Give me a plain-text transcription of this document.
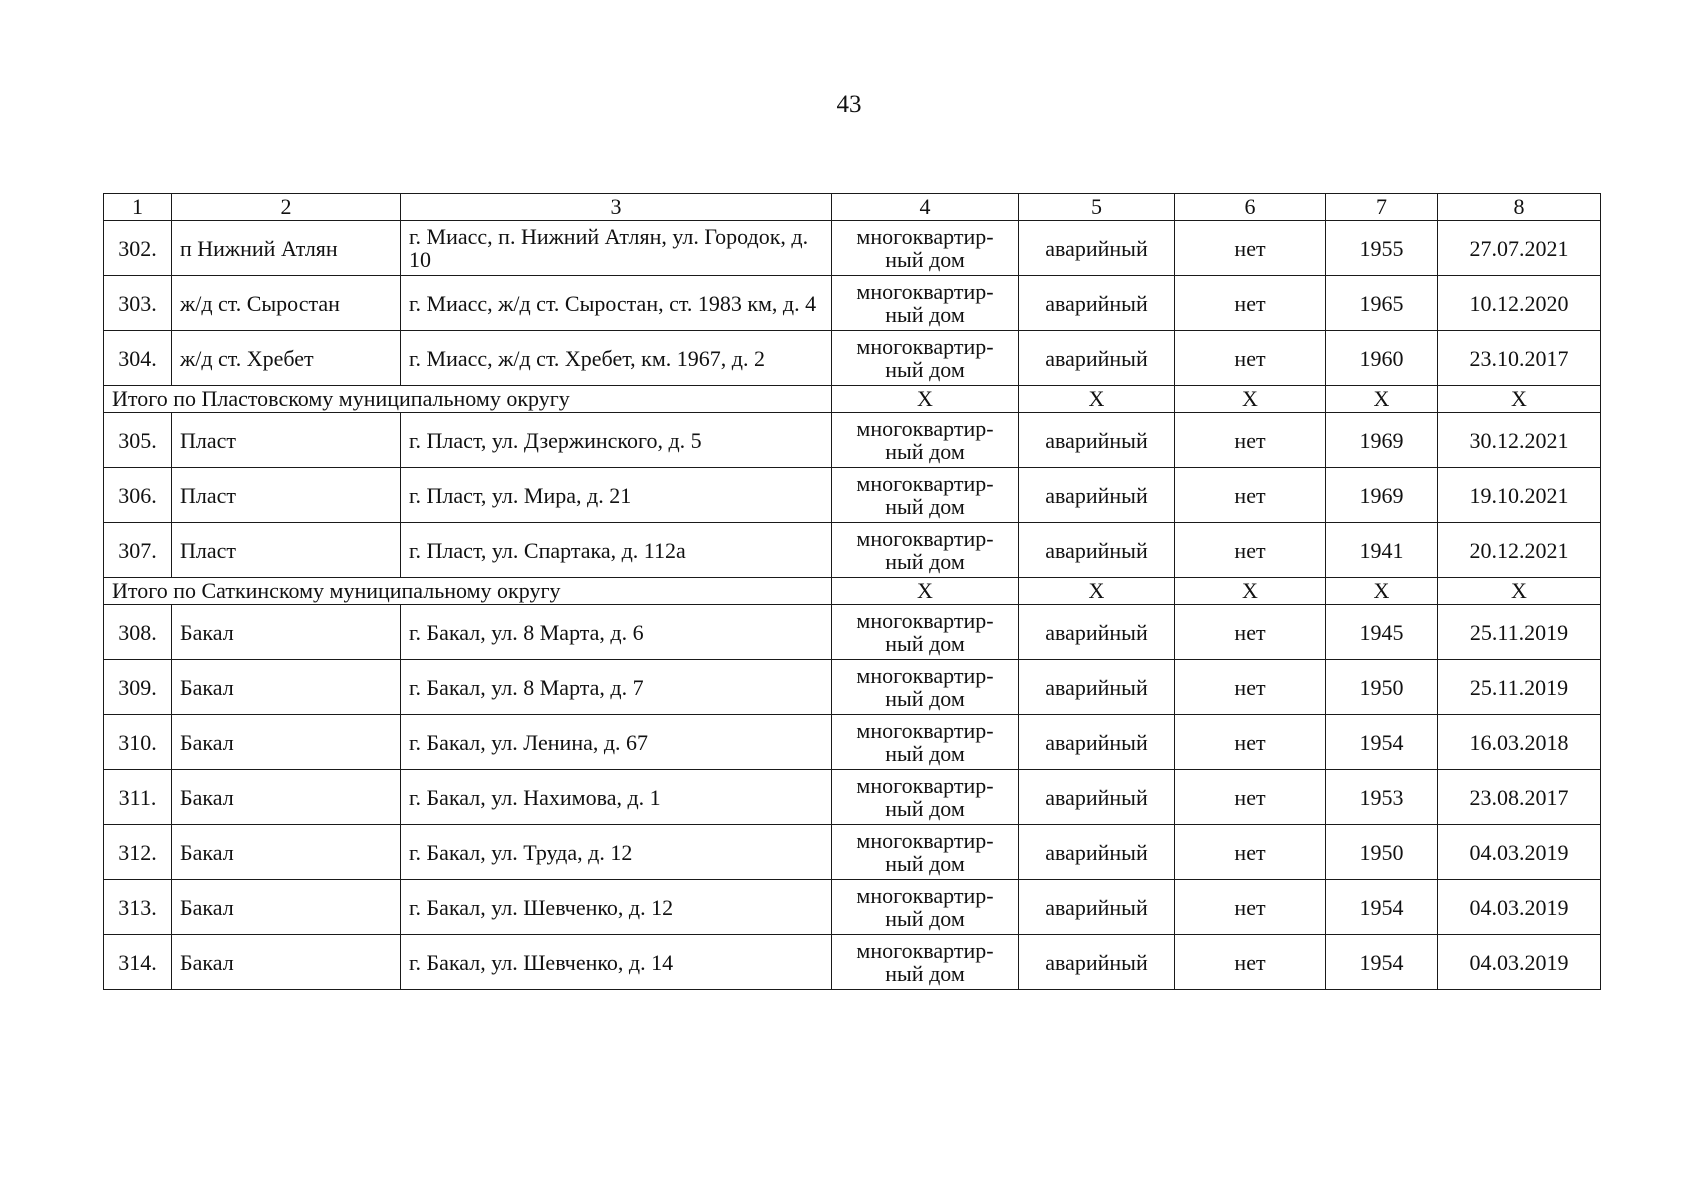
43
1	2	3	4	5	6	7	8
302.	п Нижний Атлян	г. Миасс, п. Нижний Атлян, ул. Городок, д. 10	многоквартир-ный дом	аварийный	нет	1955	27.07.2021
303.	ж/д ст. Сыростан	г. Миасс, ж/д ст. Сыростан, ст. 1983 км, д. 4	многоквартир-ный дом	аварийный	нет	1965	10.12.2020
304.	ж/д ст. Хребет	г. Миасс, ж/д ст. Хребет, км. 1967, д. 2	многоквартир-ный дом	аварийный	нет	1960	23.10.2017
Итого по Пластовскому муниципальному округу			X	X	X	X	X
305.	Пласт	г. Пласт, ул. Дзержинского, д. 5	многоквартир-ный дом	аварийный	нет	1969	30.12.2021
306.	Пласт	г. Пласт, ул. Мира, д. 21	многоквартир-ный дом	аварийный	нет	1969	19.10.2021
307.	Пласт	г. Пласт, ул. Спартака, д. 112а	многоквартир-ный дом	аварийный	нет	1941	20.12.2021
Итого по Саткинскому муниципальному округу			X	X	X	X	X
308.	Бакал	г. Бакал, ул. 8 Марта, д. 6	многоквартир-ный дом	аварийный	нет	1945	25.11.2019
309.	Бакал	г. Бакал, ул. 8 Марта, д. 7	многоквартир-ный дом	аварийный	нет	1950	25.11.2019
310.	Бакал	г. Бакал, ул. Ленина, д. 67	многоквартир-ный дом	аварийный	нет	1954	16.03.2018
311.	Бакал	г. Бакал, ул. Нахимова, д. 1	многоквартир-ный дом	аварийный	нет	1953	23.08.2017
312.	Бакал	г. Бакал, ул. Труда, д. 12	многоквартир-ный дом	аварийный	нет	1950	04.03.2019
313.	Бакал	г. Бакал, ул. Шевченко, д. 12	многоквартир-ный дом	аварийный	нет	1954	04.03.2019
314.	Бакал	г. Бакал, ул. Шевченко, д. 14	многоквартир-ный дом	аварийный	нет	1954	04.03.2019
